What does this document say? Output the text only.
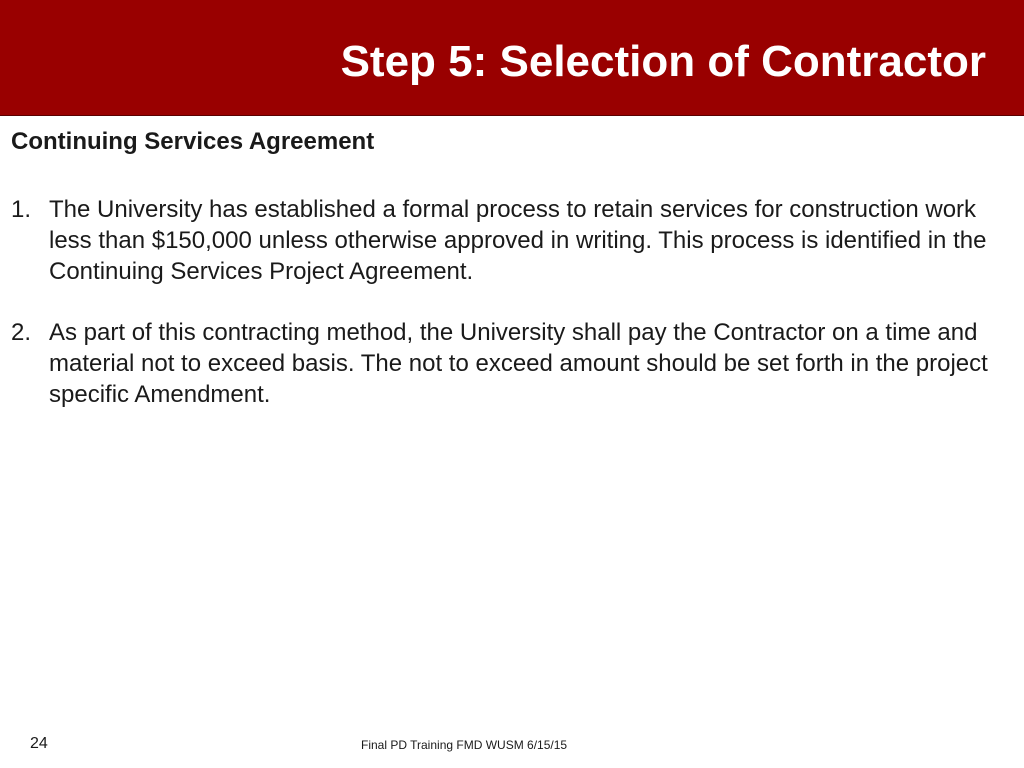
Step 5: Selection of Contractor
Continuing Services Agreement
1. The University has established a formal process to retain services for construction work less than $150,000 unless otherwise approved in writing. This process is identified in the Continuing Services Project Agreement.
2. As part of this contracting method, the University shall pay the Contractor on a time and material not to exceed basis. The not to exceed amount should be set forth in the project specific Amendment.
24	Final PD Training FMD WUSM 6/15/15
